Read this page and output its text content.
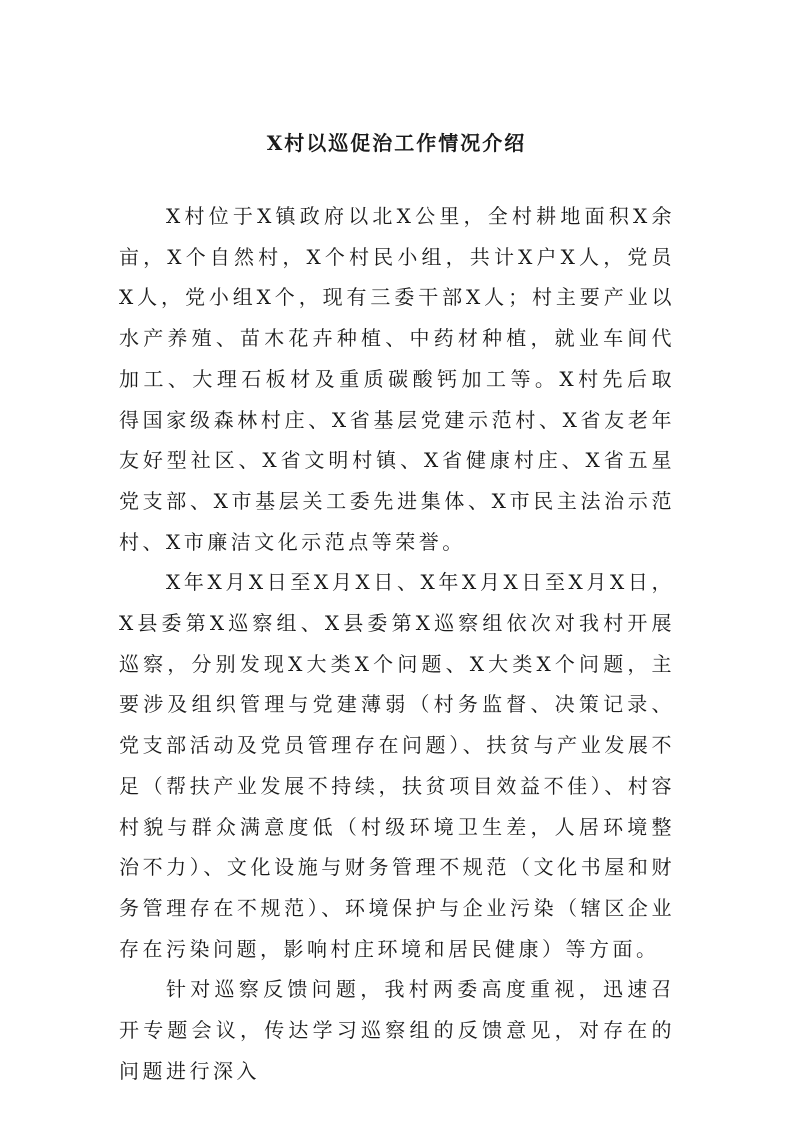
X村以巡促治工作情况介绍

X村位于X镇政府以北X公里，全村耕地面积X余亩，X个自然村，X个村民小组，共计X户X人，党员X人，党小组X个，现有三委干部X人；村主要产业以水产养殖、苗木花卉种植、中药材种植，就业车间代加工、大理石板材及重质碳酸钙加工等。X村先后取得国家级森林村庄、X省基层党建示范村、X省友老年友好型社区、X省文明村镇、X省健康村庄、X省五星党支部、X市基层关工委先进集体、X市民主法治示范村、X市廉洁文化示范点等荣誉。

X年X月X日至X月X日、X年X月X日至X月X日，X县委第X巡察组、X县委第X巡察组依次对我村开展巡察，分别发现X大类X个问题、X大类X个问题，主要涉及组织管理与党建薄弱（村务监督、决策记录、党支部活动及党员管理存在问题）、扶贫与产业发展不足（帮扶产业发展不持续，扶贫项目效益不佳）、村容村貌与群众满意度低（村级环境卫生差，人居环境整治不力）、文化设施与财务管理不规范（文化书屋和财务管理存在不规范）、环境保护与企业污染（辖区企业存在污染问题，影响村庄环境和居民健康）等方面。

针对巡察反馈问题，我村两委高度重视，迅速召开专题会议，传达学习巡察组的反馈意见，对存在的问题进行深入
